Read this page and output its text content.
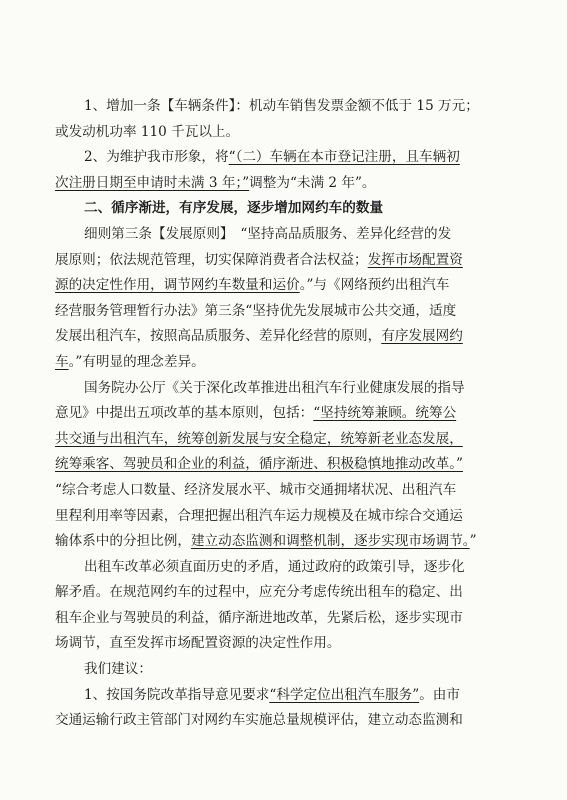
1、增加一条【车辆条件】：机动车销售发票金额不低于 15 万元；
或发动机功率 110 千瓦以上。
2、为维护我市形象，将“（二）车辆在本市登记注册，且车辆初
次注册日期至申请时未满 3 年；”调整为“未满 2 年”。
二、循序渐进，有序发展，逐步增加网约车的数量
细则第三条【发展原则】　“坚持高品质服务、差异化经营的发
展原则；依法规范管理，切实保障消费者合法权益；发挥市场配置资
源的决定性作用，调节网约车数量和运价。”与《网络预约出租汽车
经营服务管理暂行办法》第三条“坚持优先发展城市公共交通，适度
发展出租汽车，按照高品质服务、差异化经营的原则，有序发展网约
车。”有明显的理念差异。
国务院办公厅《关于深化改革推进出租汽车行业健康发展的指导
意见》中提出五项改革的基本原则，包括：“坚持统筹兼顾。统筹公
共交通与出租汽车，统筹创新发展与安全稳定，统筹新老业态发展，
统筹乘客、驾驶员和企业的利益，循序渐进、积极稳慎地推动改革。”
“综合考虑人口数量、经济发展水平、城市交通拥堵状况、出租汽车
里程利用率等因素，合理把握出租汽车运力规模及在城市综合交通运
输体系中的分担比例，建立动态监测和调整机制，逐步实现市场调节。”
出租车改革必须直面历史的矛盾，通过政府的政策引导，逐步化
解矛盾。在规范网约车的过程中，应充分考虑传统出租车的稳定、出
租车企业与驾驶员的利益，循序渐进地改革，先紧后松，逐步实现市
场调节，直至发挥市场配置资源的决定性作用。
我们建议：
1、按国务院改革指导意见要求“科学定位出租汽车服务”。由市
交通运输行政主管部门对网约车实施总量规模评估，建立动态监测和
